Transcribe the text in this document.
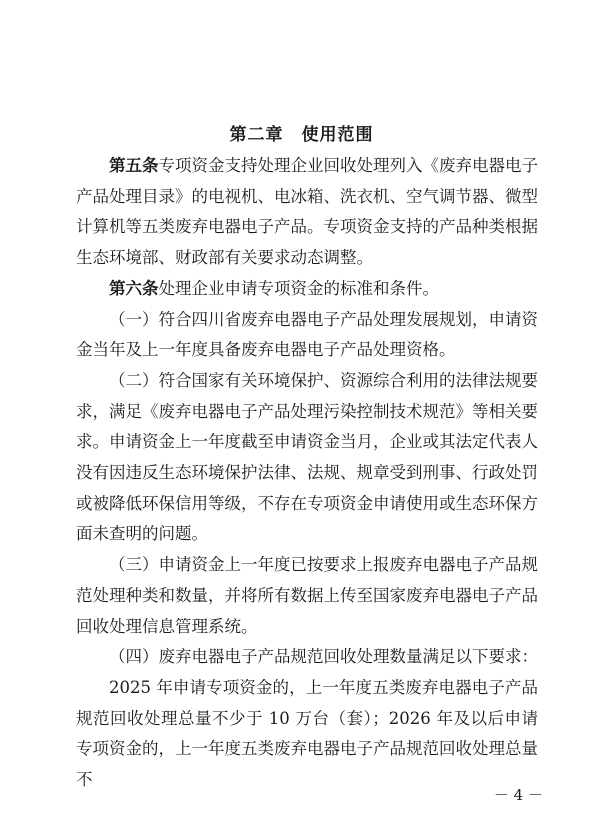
第二章　使用范围

第五条专项资金支持处理企业回收处理列入《废弃电器电子产品处理目录》的电视机、电冰箱、洗衣机、空气调节器、微型计算机等五类废弃电器电子产品。专项资金支持的产品种类根据生态环境部、财政部有关要求动态调整。

第六条处理企业申请专项资金的标准和条件。

（一）符合四川省废弃电器电子产品处理发展规划，申请资金当年及上一年度具备废弃电器电子产品处理资格。

（二）符合国家有关环境保护、资源综合利用的法律法规要求，满足《废弃电器电子产品处理污染控制技术规范》等相关要求。申请资金上一年度截至申请资金当月，企业或其法定代表人没有因违反生态环境保护法律、法规、规章受到刑事、行政处罚或被降低环保信用等级，不存在专项资金申请使用或生态环保方面未查明的问题。

（三）申请资金上一年度已按要求上报废弃电器电子产品规范处理种类和数量，并将所有数据上传至国家废弃电器电子产品回收处理信息管理系统。

（四）废弃电器电子产品规范回收处理数量满足以下要求：

2025 年申请专项资金的，上一年度五类废弃电器电子产品规范回收处理总量不少于 10 万台（套）；2026 年及以后申请专项资金的，上一年度五类废弃电器电子产品规范回收处理总量不

－ 4 －
